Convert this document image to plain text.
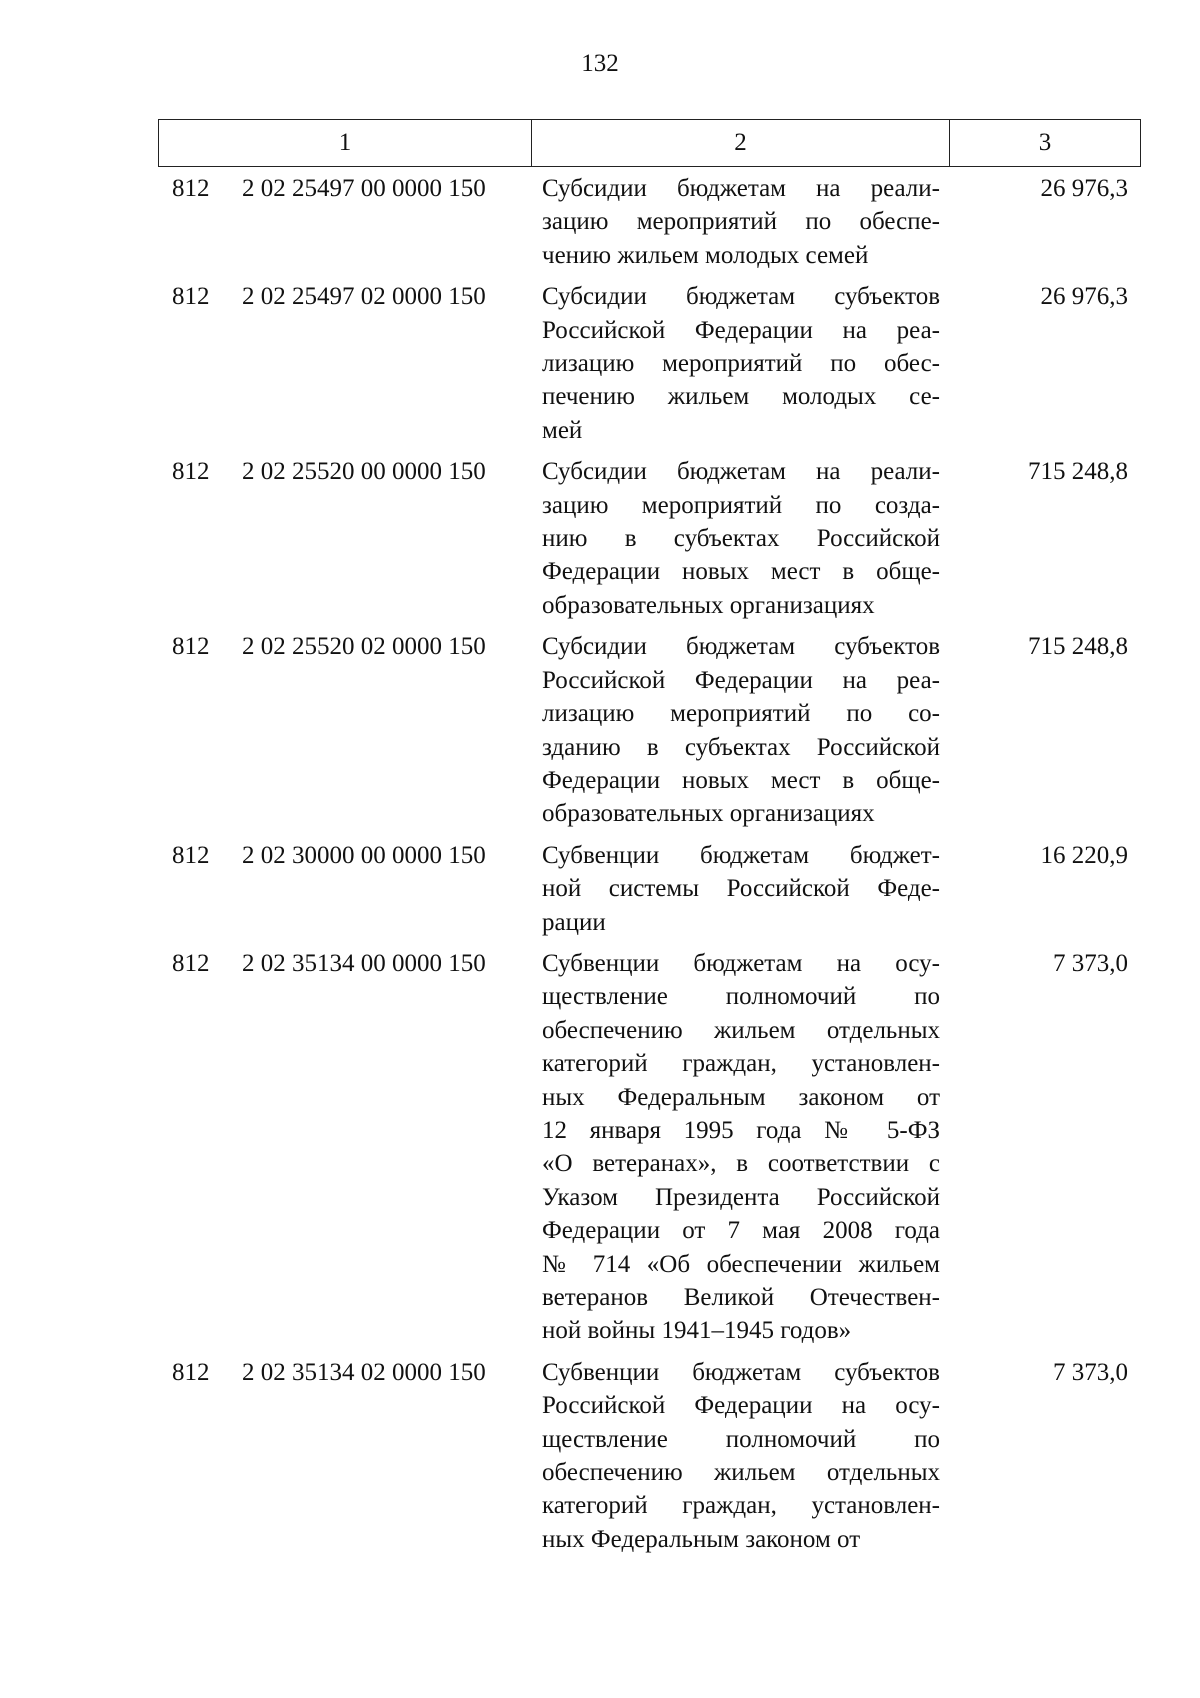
132
1	2	3
812 2 02 25497 00 0000 150 Субсидии бюджетам на реали-
зацию мероприятий по обеспе-
чению жильем молодых семей
26 976,3
812 2 02 25497 02 0000 150 Субсидии бюджетам субъектов
Российской Федерации на реа-
лизацию мероприятий по обес-
печению жильем молодых се-
мей
26 976,3
812 2 02 25520 00 0000 150 Субсидии бюджетам на реали-
зацию мероприятий по созда-
нию в субъектах Российской
Федерации новых мест в обще-
образовательных организациях
715 248,8
812 2 02 25520 02 0000 150 Субсидии бюджетам субъектов
Российской Федерации на реа-
лизацию мероприятий по со-
зданию в субъектах Российской
Федерации новых мест в обще-
образовательных организациях
715 248,8
812 2 02 30000 00 0000 150 Субвенции бюджетам бюджет-
ной системы Российской Феде-
рации
16 220,9
812 2 02 35134 00 0000 150 Субвенции бюджетам на осу-
ществление полномочий по
обеспечению жильем отдельных
категорий граждан, установлен-
ных Федеральным законом от
12 января 1995 года № 5-ФЗ
«О ветеранах», в соответствии с
Указом Президента Российской
Федерации от 7 мая 2008 года
№ 714 «Об обеспечении жильем
ветеранов Великой Отечествен-
ной войны 1941–1945 годов»
7 373,0
812 2 02 35134 02 0000 150 Субвенции бюджетам субъектов
Российской Федерации на осу-
ществление полномочий по
обеспечению жильем отдельных
категорий граждан, установлен-
ных Федеральным законом от
7 373,0
